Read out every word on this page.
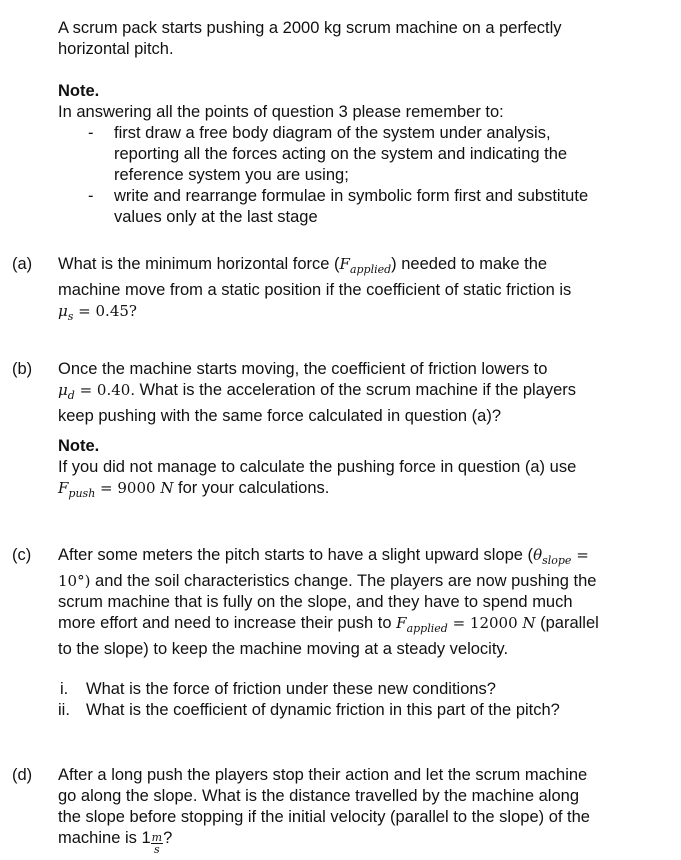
A scrum pack starts pushing a 2000 kg scrum machine on a perfectly
horizontal pitch.
Note.
In answering all the points of question 3 please remember to:
- first draw a free body diagram of the system under analysis,
reporting all the forces acting on the system and indicating the
reference system you are using;
- write and rearrange formulae in symbolic form first and substitute
values only at the last stage
(a) What is the minimum horizontal force $(F_{applied})$ needed to make the
machine move from a static position if the coefficient of static friction is
$\mu_s = 0.45$?
(b) Once the machine starts moving, the coefficient of friction lowers to
$\mu_d = 0.40$. What is the acceleration of the scrum machine if the players
keep pushing with the same force calculated in question (a)?
Note.
If you did not manage to calculate the pushing force in question (a) use
$F_{push} = 9000$ N for your calculations.
(c) After some meters the pitch starts to have a slight upward slope ($\theta_{slope}$ =
10°) and the soil characteristics change. The players are now pushing the
scrum machine that is fully on the slope, and they have to spend much
more effort and need to increase their push to $F_{applied} = 12000$ N (parallel
to the slope) to keep the machine moving at a steady velocity.
i. What is the force of friction under these new conditions?
ii. What is the coefficient of dynamic friction in this part of the pitch?
(d) After a long push the players stop their action and let the scrum machine
go along the slope. What is the distance travelled by the machine along
the slope before stopping if the initial velocity (parallel to the slope) of the
machine is $1 \frac{m}{s}$ ?
